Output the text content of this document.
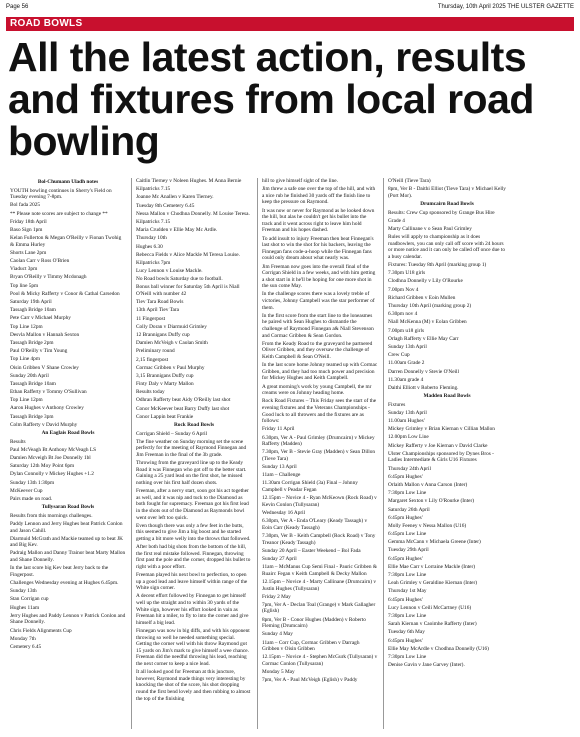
Page 56	Thursday, 10th April 2025 THE ULSTER GAZETTE
ROAD BOWLS
All the latest action, results and fixtures from local road bowling

Bol-Chumann Uladh notes

YOUTH bowling continues in Sherry's Field on Tuesday evening 7-8pm.

Bol fada 2025

** Please note scores are subject to change **

Friday 18th April

Baso Sign 1pm

Kelan Fullerton & Megan O'Reilly v Fionan Twohig & Emma Hurley

Shorts Lane 2pm

Caolan Carr v Ross O'Brien

Viaduct 3pm

Bryan O'Reilly v Timmy Mcdonagh

Top line 5pm

Pool & Micky Rafferty v Conor & Cathal Carsedon

Saturday 19th April

Tassagh Bridge 10am

Pete Carr v Michael Murphy

Top Line 12pm

Desvla Mallon v Hannah Sexton

Tassagh Bridge 2pm

Paul O'Reilly v Tim Young

Top Line 4pm

Oisin Gribben V Shane Crowley

Sunday 20th April

Tassagh Bridge 10am

Ethan Rafferty v Tommy O'Sullivan

Top Line 12pm

Aaron Hughes v Anthony Crowley

Tassagh Bridge 3pm

Colm Rafferty v David Murphy

An Eaglais Road Bowls

Results

Paul McVeagh Bt Anthony McVeagh LS

Damien Mcveigh Bt Joe Donnelly 1bl

Saturday 12th Moy Point 6pm

Dylan Connolly v Mickey Hughes +1.2

Sunday 13th 1:30pm

McKeever Cup

Pairs made on road.

Tullysaran Road Bowls

Results from this mornings challenges.

Paddy Lennon and Jerry Hughes beat Patrick Conlon and Jason Cahill.

Diarmuid McGrath and Mackie teamed up to beat JK and Big Kev.

Padraig Mallon and Danny Trainor beat Marty Mallon and Shane Donnelly.

In the last score big Kev beat Jerry back to the Fingerpost.

Challenges Wednesday evening at Hughes 6.45pm.

Sunday 13th

Stan Corrigan cup

Hughes 11am

Jerry Hughes and Paddy Lennon v Patrick Conlon and Shane Donnelly.

Chris Fields Alignments Cup

Monday 7th

Cemetery 6.45

Caitlin Tierney v Noleen Hughes. M Anna Bernie

Kilpatricks 7.15

Joanne Mc Anallen v Karen Tierney.

Tuesday 8th Cemetery 6.45

Nessa Mallon v Chodhna Donnelly. M Louise Teresa.

Kilpatricks 7.15

Maria Crudden v Ellie May Mc Ardle.

Thursday 10th

Hughes 6.30

Rebecca Fields v Alice Mackle M Teresa Louise.

Kilpatricks 7pm

Lucy Lennon v Louise Mackle.

No Road bowls Saturday due to football.

Bonus ball winner for Saturday 5th April is Niall O'Neill with number 42

Tiev Tara Road Bowls

13th April Tiev Tara

11 Fingerpost

Colly Doran v Diarmuid Grimley

12 Brannigans Duffy cup

Damien McVeigh v Caolan Smith

Preliminary round

2,15 fingerpost

Cormac Gribben v Paul Murphy

3,15 Brannigans Duffy cup

Finty Daly v Marty Mallon

Results today

Odhran Rafferty beat Aidy O'Reilly last shot

Conor McKeever beat Barry Duffy last shot

Conor Lappin beat Frankie

Rock Road Bowls

Corrigan Shield – Sunday 6 April

The fine weather on Sunday morning set the scene perfectly for the meeting of Raymond Finnegan and Jim Freeman in the final of the 3b grade.

Throwing from the graveyard line up to the Keady Road it was Finnegan who got off to the better start. Gaining a 25 yard lead on the first shot, he missed nothing over his first half dozen shots.

Freeman, after a nervy start, soon got his act together as well, and it was nip and tuck to the Diamond as both fought for supremacy. Freeman got his first lead in the shots out of the Diamond as Raymonds bowl went over left too quick.

Even though there was only a few feet in the butts, this seemed to give Jim a big boost and he started getting a bit more welly into the throws that followed.

After both had big shots from the bottom of the hill, the first real mistake followed. Finnegan, throwing first past the pole and the corner, dropped his bullet to right with a poor effort.

Freeman played his next bowl to perfection, to open up a good lead and leave himself within range of the White sign corner.

A decent effort followed by Finnegan to get himself well up the straight and to within 30 yards of the White sign, however his effort looked in vain as Freeman hit a miler, to fly to into the corner and give himself a big lead.

Finnegan was now in big diffs, and with his opponent throwing so well he needed something special. Getting the corner well with his throw Raymond got 15 yards on Jim's mark to give himself a wee chance. Freeman did the needful throwing his lead, reaching the next corner to keep a nice lead.

It all looked good for Freeman at this juncture, however, Raymond made things very interesting by knocking the shot of the score, his shot dropping round the first bend lovely and then rubbing to almost the top of the finishing

hill to give himself sight of the line.

Jim threw a safe one over the top of the hill, and with a nice rub he finished 30 yards off the finish line to keep the pressure on Raymond.

It was now or never for Raymond as he looked down the hill, but alas he couldn't get his bullet into the track and it went across right to leave him hold Freeman and his hopes dashed.

To add insult to injury Freeman then beat Finnegan's last shot to win the shot for his backers, leaving the Finnegan fans code-a-hoop while the Finnegan fans could only dream about what nearly was.

Jim Freeman now goes into the overall final of the Corrigan Shield in a few weeks, and with him getting a shot start in it he'll be hoping for one more shot in the sun come May.

In the challenge scores there was a lovely treble of victories, Johnny Campbell was the star performer of them.

In the first score from the start line to the loneasmes he paired with Sean Hughes to dismantle the challenge of Raymond Finnegan a& Niall Stevenson and Cormac Gribben & Sean Gordon.

From the Keady Road to the graveyard he partnered Oliver Gribben, and they oversaw the challenge of Keith Campbell & Sean O'Neill.

In the last score home Johnny teamed up with Cormac Gribben, and they had too much power and precision for Mickey Hughes and Keith Campbell.

A great morning's work by young Campbell, the mr creams were on Johnny heading home.

Rock Road Fixtures – This Friday sees the start of the evening fixtures and the Veterans Championships - Good luck to all throwers and the fixtures are as follows:

Friday 11 April

6.30pm, Ver A - Paul Grimley (Drumcairn) v Mickey Rafferty (Madden)

7.30pm, Ver B - Stevie Gray (Madden) v Sean Dillon (Tieve Tara)

Sunday 13 April

11am – Challenge

11.30am Corrigan Shield (3a) Final – Johnny Campbell v Peadar Fegan

12.15pm – Novice 4 - Ryan McKeown (Rock Road) v Kevin Conlon (Tullysaran)

Wednesday 16 April

6.30pm, Ver A - Enda O'Leary (Keady Tassagh) v Eoin Carr (Keady Tassagh)

7.30pm, Ver B - Keith Campbell (Rock Road) v Tony Treanor (Keady Tassagh)

Sunday 20 April – Easter Weekend – Bol Fada

Sunday 27 April

11am – McManus Cup Semi Final - Pauric Gribben & Ruairc Fegan v Keith Campbell & Decky Mallon

12.15pm – Novice 4 - Marty Callinane (Drumcairn) v Justin Hughes (Tullysaran)

Friday 2 May

7pm, Ver A - Declan Toal (Grange) v Mark Gallagher (Eglish)

8pm, Ver B - Conor Hughes (Madden) v Roberto Fleming (Drumcairn)

Sunday 4 May

11am – Corr Cup, Cormac Gribben v Darragh Gribben v Oisin Gribben

12.15pm – Novice 4 - Stephen McGurk (Tullysaran) v Cormac Conlon (Tullysaran)

Monday 5 May

7pm, Ver A - Paul McVeigh (Eglish) v Paddy

O'Neill (Tieve Tara)

8pm, Ver B - Daithi Elliot (Tieve Tara) v Michael Kelly (Port Mor).

Drumcairn Road Bowls

Results: Crew Cup sponsored by Grange Bus Hire

Grade 4

Marty Callinane v o Sean Paul Grimley

Rules will apply to championship as it does roadbowlers, you can only call off score with 24 hours or more notice and it can only be called off once due to a busy calendar.

Fixtures: Tuesday 8th April (marking group 1)

7.30pm U18 girls

Clodhna Donnelly v Lily O'Rourke

7.00pm Nov 4

Richard Gribben v Eoin Mullen

Thursday 10th April (marking group 2)

6.30pm nov 4

Niall McKenna (M) v Eolan Gribben

7.00pm u18 girls

Orlagh Rafferty v Ellie May Carr

Sunday 13th April

Crew Cup

11.00am Grade 2

Darren Donnelly v Stevie O'Neill

11.30am grade 4

Daithi Elliott v Roberto Fleming.

Madden Road Bowls

Fixtures

Sunday 13th April

11.00am Hughes'

Mickey Grimley v Brian Kiernan v Cillian Mallon

12.00pm Low Line

Mickey Rafferty v Joe Kiernan v David Clarke

Ulster Championships sponsored by Dynes Bros - Ladies Intermediate & Girls U16 Fixtures

Thursday 24th April

6:45pm Hughes'

Orlaith Mallon v Anna Carson (Inter)

7:30pm Low Line

Margaret Sexton v Lily O'Rourke (Inter)

Saturday 26th April

6:45pm Hughes'

Molly Feeney v Nessa Mallon (U16)

6:45pm Low Line

Gemma McCann v Michaela Greene (Inter)

Tuesday 29th April

6:45pm Hughes'

Ellie Mae Carr v Lorraine Mackle (Inter)

7:30pm Low Line

Leah Grimley v Geraldine Kiernan (Inter)

Thursday 1st May

6:45pm Hughes'

Lucy Lennon v Ceili McCartney (U16)

7:30pm Low Line

Sarah Kiernan v Caoimhe Rafferty (Inter)

Tuesday 6th May

6:45pm Hughes'

Ellie May McArdle v Chodhna Donnelly (U16)

7:30pm Low Line

Denise Gavin v Jane Garvey (Inter).
